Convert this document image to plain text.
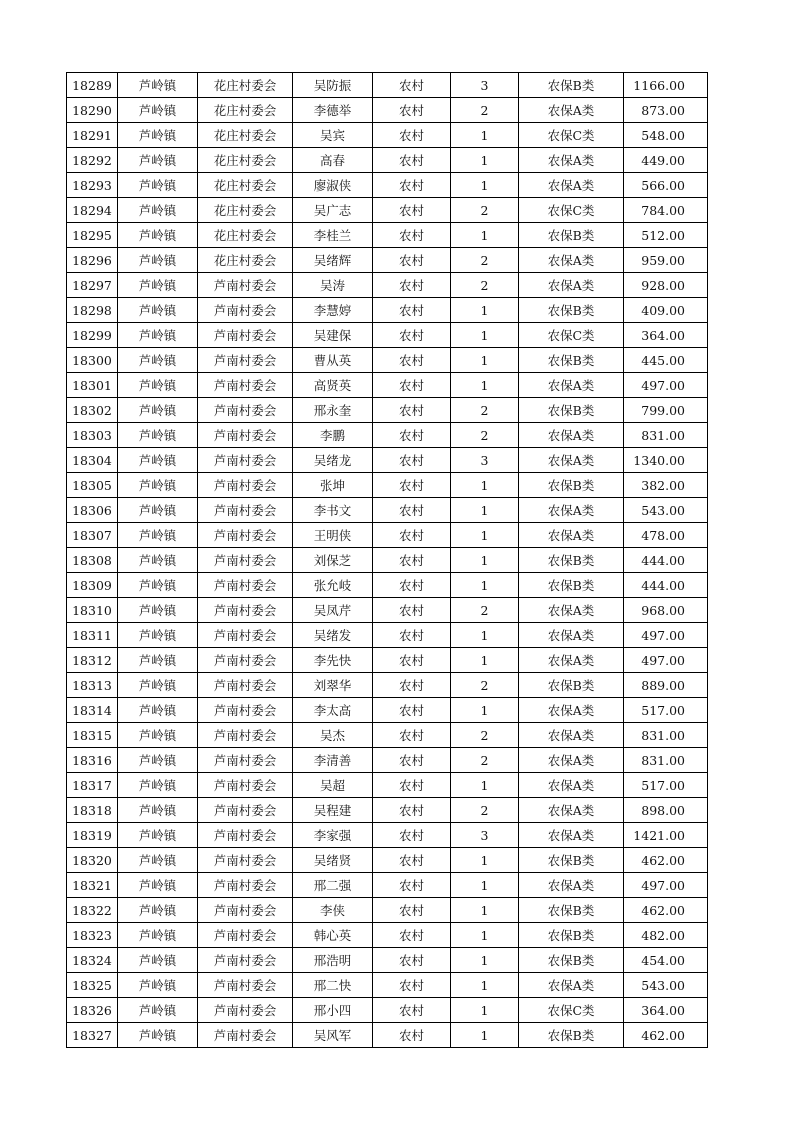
18289	芦岭镇	花庄村委会	吴防振	农村	3	农保B类	1166.00
18290	芦岭镇	花庄村委会	李德举	农村	2	农保A类	873.00
18291	芦岭镇	花庄村委会	吴宾	农村	1	农保C类	548.00
18292	芦岭镇	花庄村委会	高春	农村	1	农保A类	449.00
18293	芦岭镇	花庄村委会	廖淑侠	农村	1	农保A类	566.00
18294	芦岭镇	花庄村委会	吴广志	农村	2	农保C类	784.00
18295	芦岭镇	花庄村委会	李桂兰	农村	1	农保B类	512.00
18296	芦岭镇	花庄村委会	吴绪辉	农村	2	农保A类	959.00
18297	芦岭镇	芦南村委会	吴涛	农村	2	农保A类	928.00
18298	芦岭镇	芦南村委会	李慧婷	农村	1	农保B类	409.00
18299	芦岭镇	芦南村委会	吴建保	农村	1	农保C类	364.00
18300	芦岭镇	芦南村委会	曹从英	农村	1	农保B类	445.00
18301	芦岭镇	芦南村委会	高贤英	农村	1	农保A类	497.00
18302	芦岭镇	芦南村委会	邢永奎	农村	2	农保B类	799.00
18303	芦岭镇	芦南村委会	李鹏	农村	2	农保A类	831.00
18304	芦岭镇	芦南村委会	吴绪龙	农村	3	农保A类	1340.00
18305	芦岭镇	芦南村委会	张坤	农村	1	农保B类	382.00
18306	芦岭镇	芦南村委会	李书文	农村	1	农保A类	543.00
18307	芦岭镇	芦南村委会	王明侠	农村	1	农保A类	478.00
18308	芦岭镇	芦南村委会	刘保芝	农村	1	农保B类	444.00
18309	芦岭镇	芦南村委会	张允岐	农村	1	农保B类	444.00
18310	芦岭镇	芦南村委会	吴凤芹	农村	2	农保A类	968.00
18311	芦岭镇	芦南村委会	吴绪发	农村	1	农保A类	497.00
18312	芦岭镇	芦南村委会	李先快	农村	1	农保A类	497.00
18313	芦岭镇	芦南村委会	刘翠华	农村	2	农保B类	889.00
18314	芦岭镇	芦南村委会	李太高	农村	1	农保A类	517.00
18315	芦岭镇	芦南村委会	吴杰	农村	2	农保A类	831.00
18316	芦岭镇	芦南村委会	李清善	农村	2	农保A类	831.00
18317	芦岭镇	芦南村委会	吴超	农村	1	农保A类	517.00
18318	芦岭镇	芦南村委会	吴程建	农村	2	农保A类	898.00
18319	芦岭镇	芦南村委会	李家强	农村	3	农保A类	1421.00
18320	芦岭镇	芦南村委会	吴绪贤	农村	1	农保B类	462.00
18321	芦岭镇	芦南村委会	邢二强	农村	1	农保A类	497.00
18322	芦岭镇	芦南村委会	李侠	农村	1	农保B类	462.00
18323	芦岭镇	芦南村委会	韩心英	农村	1	农保B类	482.00
18324	芦岭镇	芦南村委会	邢浩明	农村	1	农保B类	454.00
18325	芦岭镇	芦南村委会	邢二快	农村	1	农保A类	543.00
18326	芦岭镇	芦南村委会	邢小四	农村	1	农保C类	364.00
18327	芦岭镇	芦南村委会	吴风军	农村	1	农保B类	462.00
